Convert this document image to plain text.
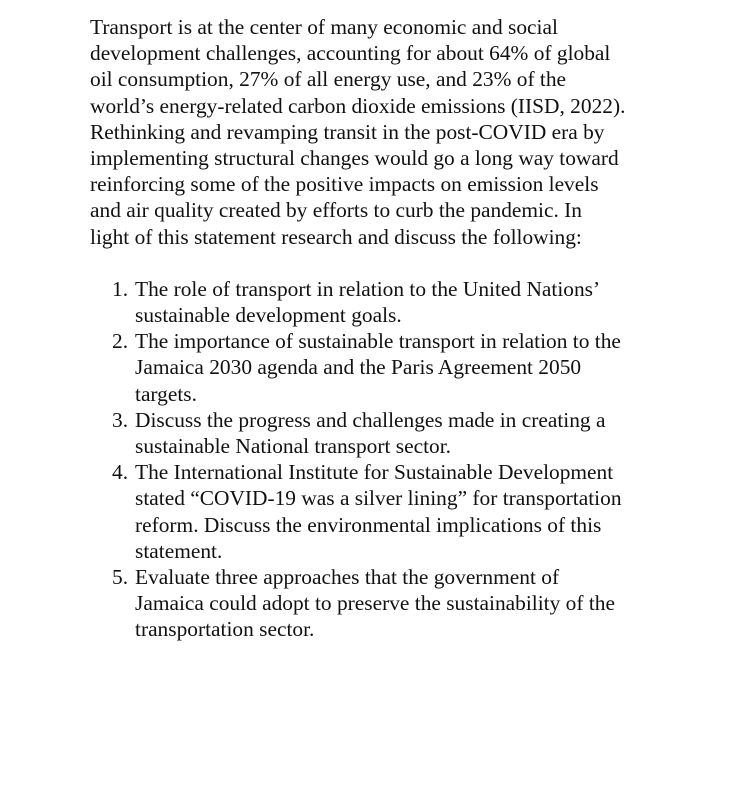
Transport is at the center of many economic and social
development challenges, accounting for about 64% of global
oil consumption, 27% of all energy use, and 23% of the
world’s energy-related carbon dioxide emissions (IISD, 2022).
Rethinking and revamping transit in the post-COVID era by
implementing structural changes would go a long way toward
reinforcing some of the positive impacts on emission levels
and air quality created by efforts to curb the pandemic. In
light of this statement research and discuss the following:

1. The role of transport in relation to the United Nations’
sustainable development goals.
2. The importance of sustainable transport in relation to the
Jamaica 2030 agenda and the Paris Agreement 2050
targets.
3. Discuss the progress and challenges made in creating a
sustainable National transport sector.
4. The International Institute for Sustainable Development
stated “COVID-19 was a silver lining” for transportation
reform. Discuss the environmental implications of this
statement.
5. Evaluate three approaches that the government of
Jamaica could adopt to preserve the sustainability of the
transportation sector.
